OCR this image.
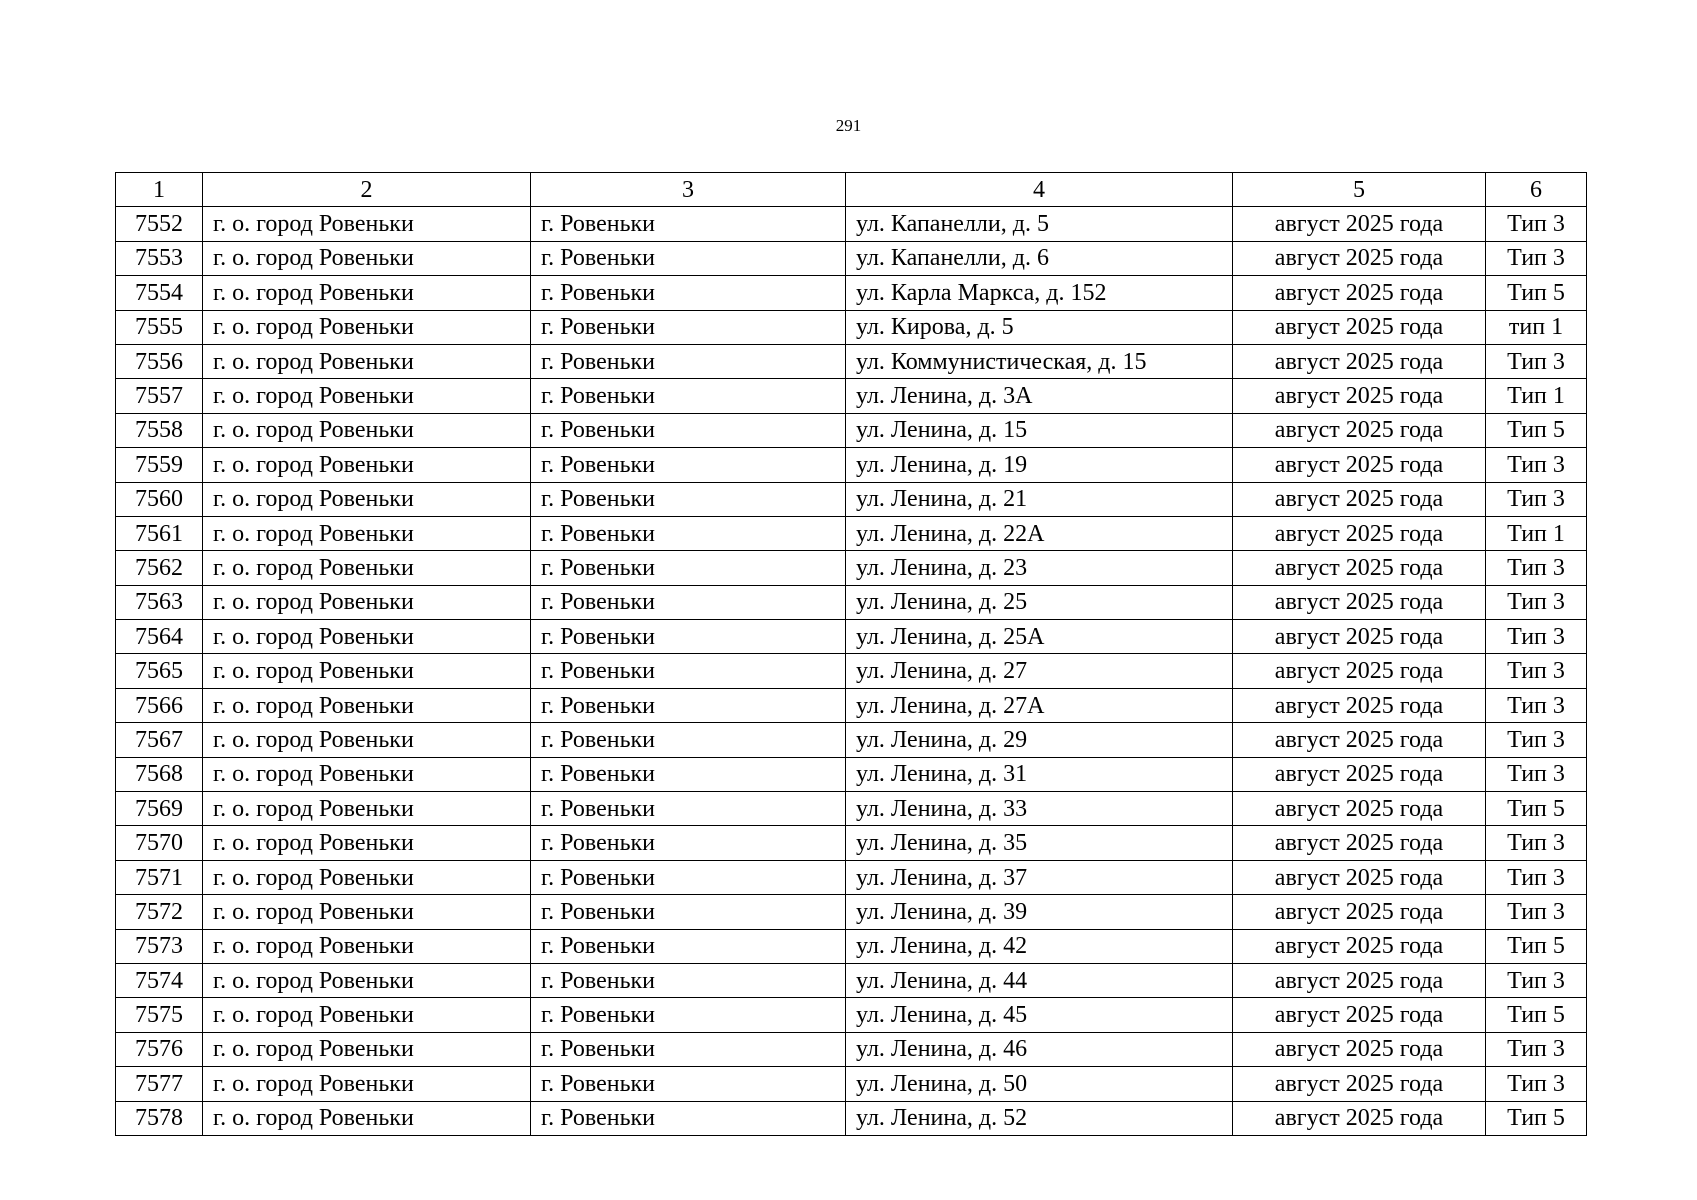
291
1	2	3	4	5	6
7552	г. о. город Ровеньки	г. Ровеньки	ул. Капанелли, д. 5	август 2025 года	Тип 3
7553	г. о. город Ровеньки	г. Ровеньки	ул. Капанелли, д. 6	август 2025 года	Тип 3
7554	г. о. город Ровеньки	г. Ровеньки	ул. Карла Маркса, д. 152	август 2025 года	Тип 5
7555	г. о. город Ровеньки	г. Ровеньки	ул. Кирова, д. 5	август 2025 года	тип 1
7556	г. о. город Ровеньки	г. Ровеньки	ул. Коммунистическая, д. 15	август 2025 года	Тип 3
7557	г. о. город Ровеньки	г. Ровеньки	ул. Ленина, д. 3А	август 2025 года	Тип 1
7558	г. о. город Ровеньки	г. Ровеньки	ул. Ленина, д. 15	август 2025 года	Тип 5
7559	г. о. город Ровеньки	г. Ровеньки	ул. Ленина, д. 19	август 2025 года	Тип 3
7560	г. о. город Ровеньки	г. Ровеньки	ул. Ленина, д. 21	август 2025 года	Тип 3
7561	г. о. город Ровеньки	г. Ровеньки	ул. Ленина, д. 22А	август 2025 года	Тип 1
7562	г. о. город Ровеньки	г. Ровеньки	ул. Ленина, д. 23	август 2025 года	Тип 3
7563	г. о. город Ровеньки	г. Ровеньки	ул. Ленина, д. 25	август 2025 года	Тип 3
7564	г. о. город Ровеньки	г. Ровеньки	ул. Ленина, д. 25А	август 2025 года	Тип 3
7565	г. о. город Ровеньки	г. Ровеньки	ул. Ленина, д. 27	август 2025 года	Тип 3
7566	г. о. город Ровеньки	г. Ровеньки	ул. Ленина, д. 27А	август 2025 года	Тип 3
7567	г. о. город Ровеньки	г. Ровеньки	ул. Ленина, д. 29	август 2025 года	Тип 3
7568	г. о. город Ровеньки	г. Ровеньки	ул. Ленина, д. 31	август 2025 года	Тип 3
7569	г. о. город Ровеньки	г. Ровеньки	ул. Ленина, д. 33	август 2025 года	Тип 5
7570	г. о. город Ровеньки	г. Ровеньки	ул. Ленина, д. 35	август 2025 года	Тип 3
7571	г. о. город Ровеньки	г. Ровеньки	ул. Ленина, д. 37	август 2025 года	Тип 3
7572	г. о. город Ровеньки	г. Ровеньки	ул. Ленина, д. 39	август 2025 года	Тип 3
7573	г. о. город Ровеньки	г. Ровеньки	ул. Ленина, д. 42	август 2025 года	Тип 5
7574	г. о. город Ровеньки	г. Ровеньки	ул. Ленина, д. 44	август 2025 года	Тип 3
7575	г. о. город Ровеньки	г. Ровеньки	ул. Ленина, д. 45	август 2025 года	Тип 5
7576	г. о. город Ровеньки	г. Ровеньки	ул. Ленина, д. 46	август 2025 года	Тип 3
7577	г. о. город Ровеньки	г. Ровеньки	ул. Ленина, д. 50	август 2025 года	Тип 3
7578	г. о. город Ровеньки	г. Ровеньки	ул. Ленина, д. 52	август 2025 года	Тип 5
